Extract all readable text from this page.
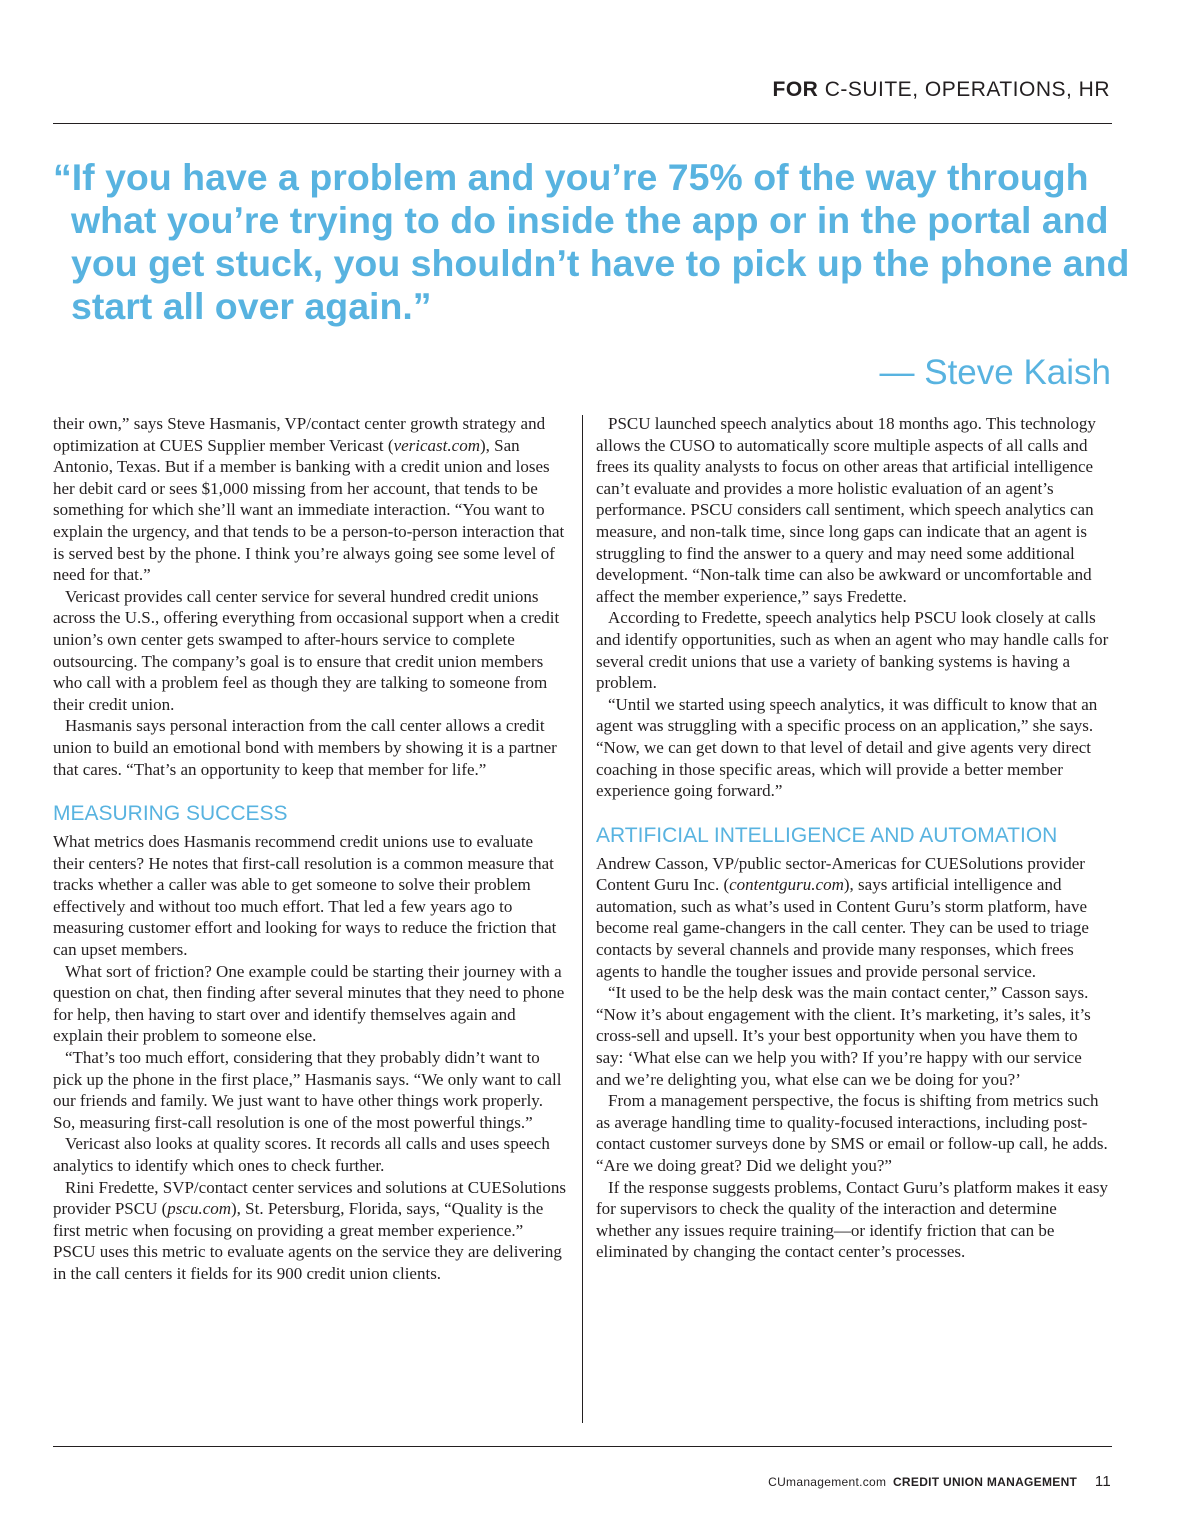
FOR C-SUITE, OPERATIONS, HR

“If you have a problem and you’re 75% of the way through what you’re trying to do inside the app or in the portal and you get stuck, you shouldn’t have to pick up the phone and start all over again.”

— Steve Kaish

their own,” says Steve Hasmanis, VP/contact center growth strategy and optimization at CUES Supplier member Vericast (vericast.com), San Antonio, Texas. But if a member is banking with a credit union and loses her debit card or sees $1,000 missing from her account, that tends to be something for which she’ll want an immediate interaction. “You want to explain the urgency, and that tends to be a person-to-person interaction that is served best by the phone. I think you’re always going see some level of need for that.”

Vericast provides call center service for several hundred credit unions across the U.S., offering everything from occasional support when a credit union’s own center gets swamped to after-hours service to complete outsourcing. The company’s goal is to ensure that credit union members who call with a problem feel as though they are talking to someone from their credit union.

Hasmanis says personal interaction from the call center allows a credit union to build an emotional bond with members by showing it is a partner that cares. “That’s an opportunity to keep that member for life.”

MEASURING SUCCESS

What metrics does Hasmanis recommend credit unions use to evaluate their centers? He notes that first-call resolution is a common measure that tracks whether a caller was able to get someone to solve their problem effectively and without too much effort. That led a few years ago to measuring customer effort and looking for ways to reduce the friction that can upset members.

What sort of friction? One example could be starting their journey with a question on chat, then finding after several minutes that they need to phone for help, then having to start over and identify themselves again and explain their problem to someone else.

“That’s too much effort, considering that they probably didn’t want to pick up the phone in the first place,” Hasmanis says. “We only want to call our friends and family. We just want to have other things work properly. So, measuring first-call resolution is one of the most powerful things.”

Vericast also looks at quality scores. It records all calls and uses speech analytics to identify which ones to check further.

Rini Fredette, SVP/contact center services and solutions at CUESolutions provider PSCU (pscu.com), St. Petersburg, Florida, says, “Quality is the first metric when focusing on providing a great member experience.” PSCU uses this metric to evaluate agents on the service they are delivering in the call centers it fields for its 900 credit union clients.

PSCU launched speech analytics about 18 months ago. This technology allows the CUSO to automatically score multiple aspects of all calls and frees its quality analysts to focus on other areas that artificial intelligence can’t evaluate and provides a more holistic evaluation of an agent’s performance. PSCU considers call sentiment, which speech analytics can measure, and non-talk time, since long gaps can indicate that an agent is struggling to find the answer to a query and may need some additional development. “Non-talk time can also be awkward or uncomfortable and affect the member experience,” says Fredette.

According to Fredette, speech analytics help PSCU look closely at calls and identify opportunities, such as when an agent who may handle calls for several credit unions that use a variety of banking systems is having a problem.

“Until we started using speech analytics, it was difficult to know that an agent was struggling with a specific process on an application,” she says. “Now, we can get down to that level of detail and give agents very direct coaching in those specific areas, which will provide a better member experience going forward.”

ARTIFICIAL INTELLIGENCE AND AUTOMATION

Andrew Casson, VP/public sector-Americas for CUESolutions provider Content Guru Inc. (contentguru.com), says artificial intelligence and automation, such as what’s used in Content Guru’s storm platform, have become real game-changers in the call center. They can be used to triage contacts by several channels and provide many responses, which frees agents to handle the tougher issues and provide personal service.

“It used to be the help desk was the main contact center,” Casson says. “Now it’s about engagement with the client. It’s marketing, it’s sales, it’s cross-sell and upsell. It’s your best opportunity when you have them to say: ‘What else can we help you with? If you’re happy with our service and we’re delighting you, what else can we be doing for you?’

From a management perspective, the focus is shifting from metrics such as average handling time to quality-focused interactions, including post-contact customer surveys done by SMS or email or follow-up call, he adds. “Are we doing great? Did we delight you?”

If the response suggests problems, Contact Guru’s platform makes it easy for supervisors to check the quality of the interaction and determine whether any issues require training—or identify friction that can be eliminated by changing the contact center’s processes.

CUmanagement.com CREDIT UNION MANAGEMENT 11
